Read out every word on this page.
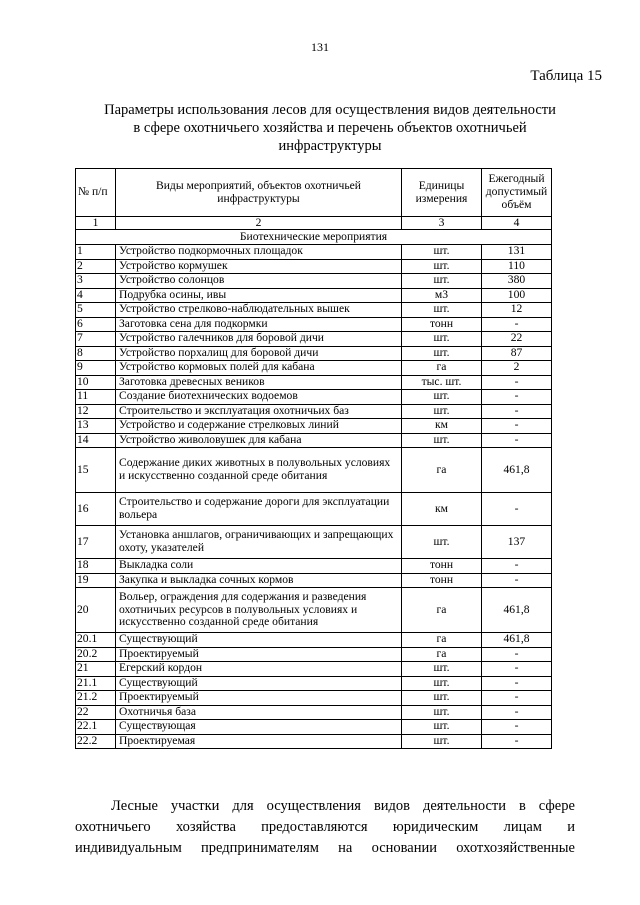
131
Таблица 15
Параметры использования лесов для осуществления видов деятельности
в сфере охотничьего хозяйства и перечень объектов охотничьей
инфраструктуры
№ п/п	Виды мероприятий, объектов охотничьей инфраструктуры	Единицы измерения	Ежегодный допустимый объём
1	2	3	4
Биотехнические мероприятия			
1	Устройство подкормочных площадок	шт.	131
2	Устройство кормушек	шт.	110
3	Устройство солонцов	шт.	380
4	Подрубка осины, ивы	м3	100
5	Устройство стрелково-наблюдательных вышек	шт.	12
6	Заготовка сена для подкормки	тонн	-
7	Устройство галечников для боровой дичи	шт.	22
8	Устройство порхалищ для боровой дичи	шт.	87
9	Устройство кормовых полей для кабана	га	2
10	Заготовка древесных веников	тыс. шт.	-
11	Создание биотехнических водоемов	шт.	-
12	Строительство и эксплуатация охотничьих баз	шт.	-
13	Устройство и содержание стрелковых линий	км	-
14	Устройство живоловушек для кабана	шт.	-
15	Содержание диких животных в полувольных условиях и искусственно созданной среде обитания	га	461,8
16	Строительство и содержание дороги для эксплуатации вольера	км	-
17	Установка аншлагов, ограничивающих и запрещающих охоту, указателей	шт.	137
18	Выкладка соли	тонн	-
19	Закупка и выкладка сочных кормов	тонн	-
20	Вольер, ограждения для содержания и разведения охотничьих ресурсов в полувольных условиях и искусственно созданной среде обитания	га	461,8
20.1	Существующий	га	461,8
20.2	Проектируемый	га	-
21	Егерский кордон	шт.	-
21.1	Существующий	шт.	-
21.2	Проектируемый	шт.	-
22	Охотничья база	шт.	-
22.1	Существующая	шт.	-
22.2	Проектируемая	шт.	-
Лесные участки для осуществления видов деятельности в сфере
охотничьего хозяйства предоставляются юридическим лицам и
индивидуальным предпринимателям на основании охотхозяйственные
